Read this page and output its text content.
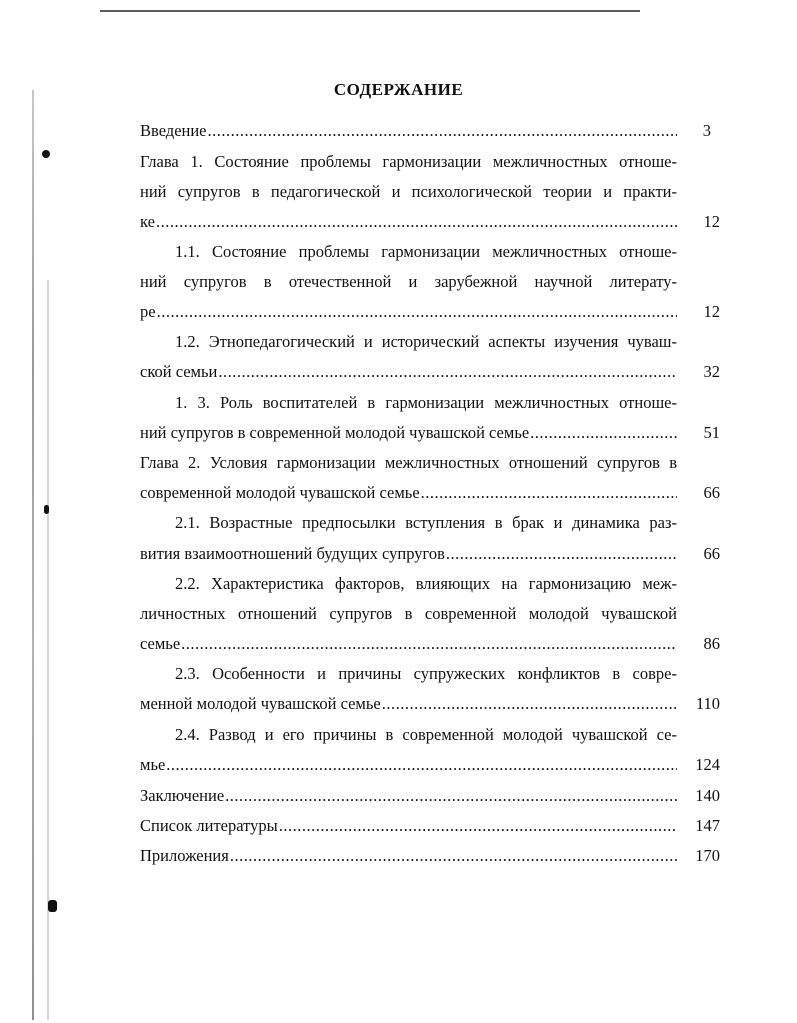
СОДЕРЖАНИЕ
Введение .....	3
Глава 1. Состояние проблемы гармонизации межличностных отноше-
ний супругов в педагогической и психологической теории и практи-
ке .....	12
1.1. Состояние проблемы гармонизации межличностных отноше-
ний супругов в отечественной и зарубежной научной литерату-
ре .....	12
1.2. Этнопедагогический и исторический аспекты изучения чуваш-
ской семьи .....	32
1. 3. Роль воспитателей в гармонизации межличностных отноше-
ний супругов в современной молодой чувашской семье .....	51
Глава 2. Условия гармонизации межличностных отношений супругов в
современной молодой чувашской семье .....	66
2.1. Возрастные предпосылки вступления в брак и динамика раз-
вития взаимоотношений будущих супругов .....	66
2.2. Характеристика факторов, влияющих на гармонизацию меж-
личностных отношений супругов в современной молодой чувашской
семье .....	86
2.3. Особенности и причины супружеских конфликтов в совре-
менной молодой чувашской семье .....	110
2.4. Развод и его причины в современной молодой чувашской се-
мье .....	124
Заключение .....	140
Список литературы .....	147
Приложения .....	170
